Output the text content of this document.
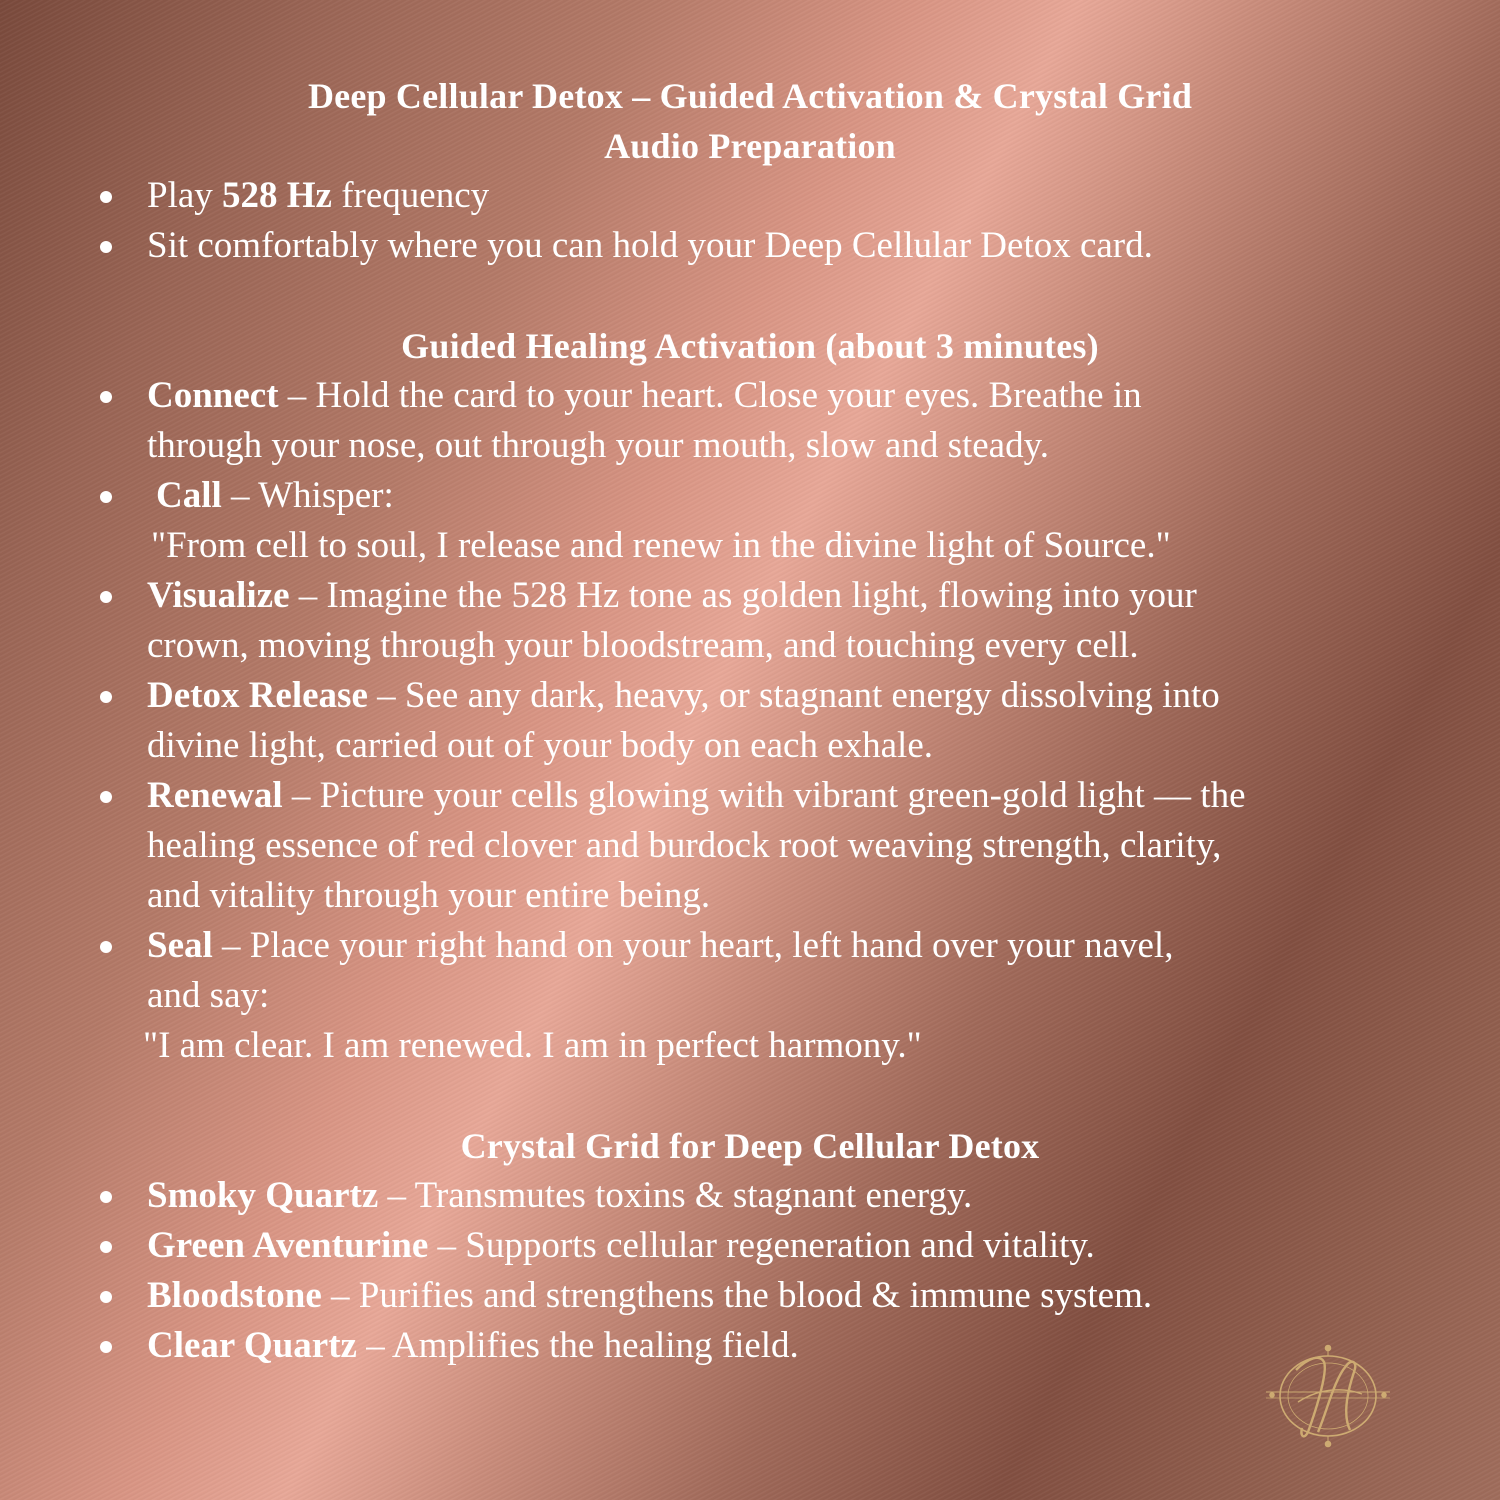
Deep Cellular Detox – Guided Activation & Crystal Grid
Audio Preparation
Play 528 Hz frequency
Sit comfortably where you can hold your Deep Cellular Detox card.
Guided Healing Activation (about 3 minutes)
Connect – Hold the card to your heart. Close your eyes. Breathe in
through your nose, out through your mouth, slow and steady.
Call – Whisper:
"From cell to soul, I release and renew in the divine light of Source."
Visualize – Imagine the 528 Hz tone as golden light, flowing into your
crown, moving through your bloodstream, and touching every cell.
Detox Release – See any dark, heavy, or stagnant energy dissolving into
divine light, carried out of your body on each exhale.
Renewal – Picture your cells glowing with vibrant green-gold light — the
healing essence of red clover and burdock root weaving strength, clarity,
and vitality through your entire being.
Seal – Place your right hand on your heart, left hand over your navel,
and say:
"I am clear. I am renewed. I am in perfect harmony."
Crystal Grid for Deep Cellular Detox
Smoky Quartz – Transmutes toxins & stagnant energy.
Green Aventurine – Supports cellular regeneration and vitality.
Bloodstone – Purifies and strengthens the blood & immune system.
Clear Quartz – Amplifies the healing field.
